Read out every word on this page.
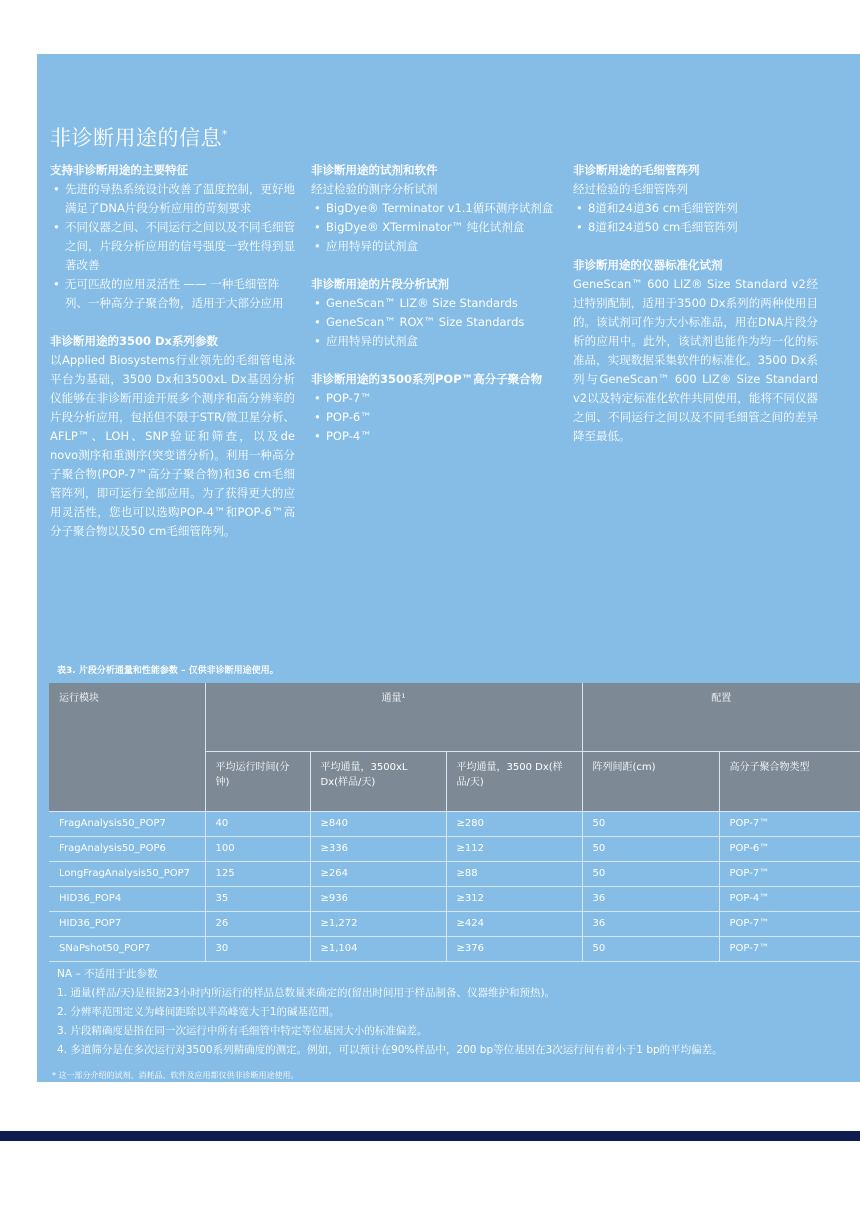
非诊断用途的信息*

支持非诊断用途的主要特征

• 先进的导热系统设计改善了温度控制，更好地满足了DNA片段分析应用的苛刻要求
• 不同仪器之间、不同运行之间以及不同毛细管之间，片段分析应用的信号强度一致性得到显著改善
• 无可匹敌的应用灵活性 —— 一种毛细管阵列、一种高分子聚合物，适用于大部分应用

非诊断用途的3500 Dx系列参数

以Applied Biosystems行业领先的毛细管电泳平台为基础，3500 Dx和3500xL Dx基因分析仪能够在非诊断用途开展多个测序和高分辨率的片段分析应用，包括但不限于STR/微卫星分析、AFLP™、LOH、SNP验证和筛查，以及de novo测序和重测序(突变谱分析)。利用一种高分子聚合物(POP-7™高分子聚合物)和36 cm毛细管阵列，即可运行全部应用。为了获得更大的应用灵活性，您也可以选购POP-4™和POP-6™高分子聚合物以及50 cm毛细管阵列。

非诊断用途的试剂和软件

经过检验的测序分析试剂

• BigDye® Terminator v1.1循环测序试剂盒
• BigDye® XTerminator™ 纯化试剂盒
• 应用特异的试剂盒

非诊断用途的片段分析试剂

• GeneScan™ LIZ® Size Standards
• GeneScan™ ROX™ Size Standards
• 应用特异的试剂盒

非诊断用途的3500系列POP™高分子聚合物

• POP-7™
• POP-6™
• POP-4™

非诊断用途的毛细管阵列

经过检验的毛细管阵列

• 8道和24道36 cm毛细管阵列
• 8道和24道50 cm毛细管阵列

非诊断用途的仪器标准化试剂

GeneScan™ 600 LIZ® Size Standard v2经过特别配制，适用于3500 Dx系列的两种使用目的。该试剂可作为大小标准品，用在DNA片段分析的应用中。此外，该试剂也能作为均一化的标准品，实现数据采集软件的标准化。3500 Dx系列与GeneScan™ 600 LIZ® Size Standard v2以及特定标准化软件共同使用，能将不同仪器之间、不同运行之间以及不同毛细管之间的差异降至最低。

表3. 片段分析通量和性能参数 – 仅供非诊断用途使用。
运行模块	通量¹			配置	
	平均运行时间(分钟)	平均通量，3500xL Dx(样品/天)	平均通量，3500 Dx(样品/天)	阵列间距(cm)	高分子聚合物类型
FragAnalysis50_POP7	40	≥840	≥280	50	POP-7™
FragAnalysis50_POP6	100	≥336	≥112	50	POP-6™
LongFragAnalysis50_POP7	125	≥264	≥88	50	POP-7™
HID36_POP4	35	≥936	≥312	36	POP-4™
HID36_POP7	26	≥1,272	≥424	36	POP-7™
SNaPshot50_POP7	30	≥1,104	≥376	50	POP-7™

NA – 不适用于此参数

1. 通量(样品/天)是根据23小时内所运行的样品总数量来确定的(留出时间用于样品制备、仪器维护和预热)。

2. 分辨率范围定义为峰间距除以半高峰宽大于1的碱基范围。

3. 片段精确度是指在同一次运行中所有毛细管中特定等位基因大小的标准偏差。

4. 多道筛分是在多次运行对3500系列精确度的测定。例如，可以预计在90%样品中，200 bp等位基因在3次运行间有着小于1 bp的平均偏差。

* 这一部分介绍的试剂、消耗品、软件及应用都仅供非诊断用途使用。
